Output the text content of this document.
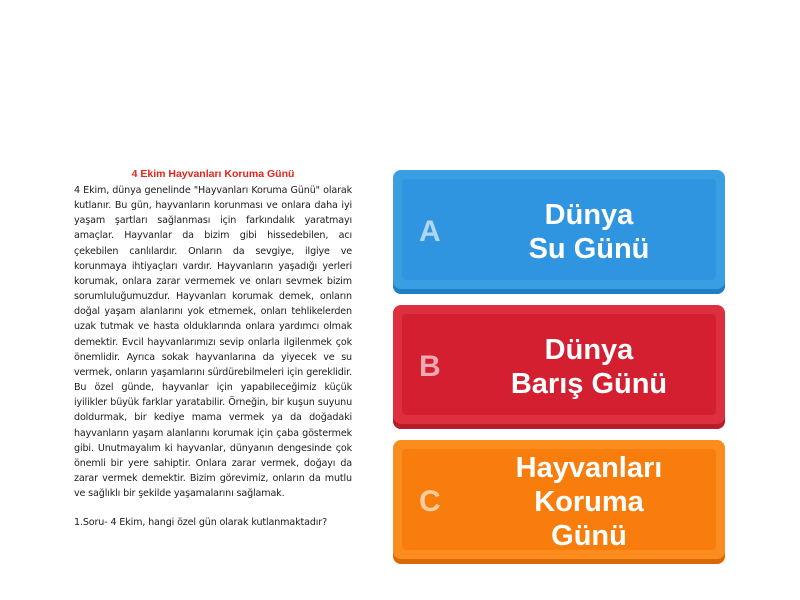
4 Ekim Hayvanları Koruma Günü

4 Ekim, dünya genelinde "Hayvanları Koruma Günü" olarak kutlanır. Bu gün, hayvanların korunması ve onlara daha iyi yaşam şartları sağlanması için farkındalık yaratmayı amaçlar. Hayvanlar da bizim gibi hissedebilen, acı çekebilen canlılardır. Onların da sevgiye, ilgiye ve korunmaya ihtiyaçları vardır. Hayvanların yaşadığı yerleri korumak, onlara zarar vermemek ve onları sevmek bizim sorumluluğumuzdur. Hayvanları korumak demek, onların doğal yaşam alanlarını yok etmemek, onları tehlikelerden uzak tutmak ve hasta olduklarında onlara yardımcı olmak demektir. Evcil hayvanlarımızı sevip onlarla ilgilenmek çok önemlidir. Ayrıca sokak hayvanlarına da yiyecek ve su vermek, onların yaşamlarını sürdürebilmeleri için gereklidir. Bu özel günde, hayvanlar için yapabileceğimiz küçük iyilikler büyük farklar yaratabilir. Örneğin, bir kuşun suyunu doldurmak, bir kediye mama vermek ya da doğadaki hayvanların yaşam alanlarını korumak için çaba göstermek gibi. Unutmayalım ki hayvanlar, dünyanın dengesinde çok önemli bir yere sahiptir. Onlara zarar vermek, doğayı da zarar vermek demektir. Bizim görevimiz, onların da mutlu ve sağlıklı bir şekilde yaşamalarını sağlamak.

1.Soru- 4 Ekim, hangi özel gün olarak kutlanmaktadır?

A	Dünya
Su Günü
B	Dünya
Barış Günü
C
Hayvanları
Koruma
Günü
